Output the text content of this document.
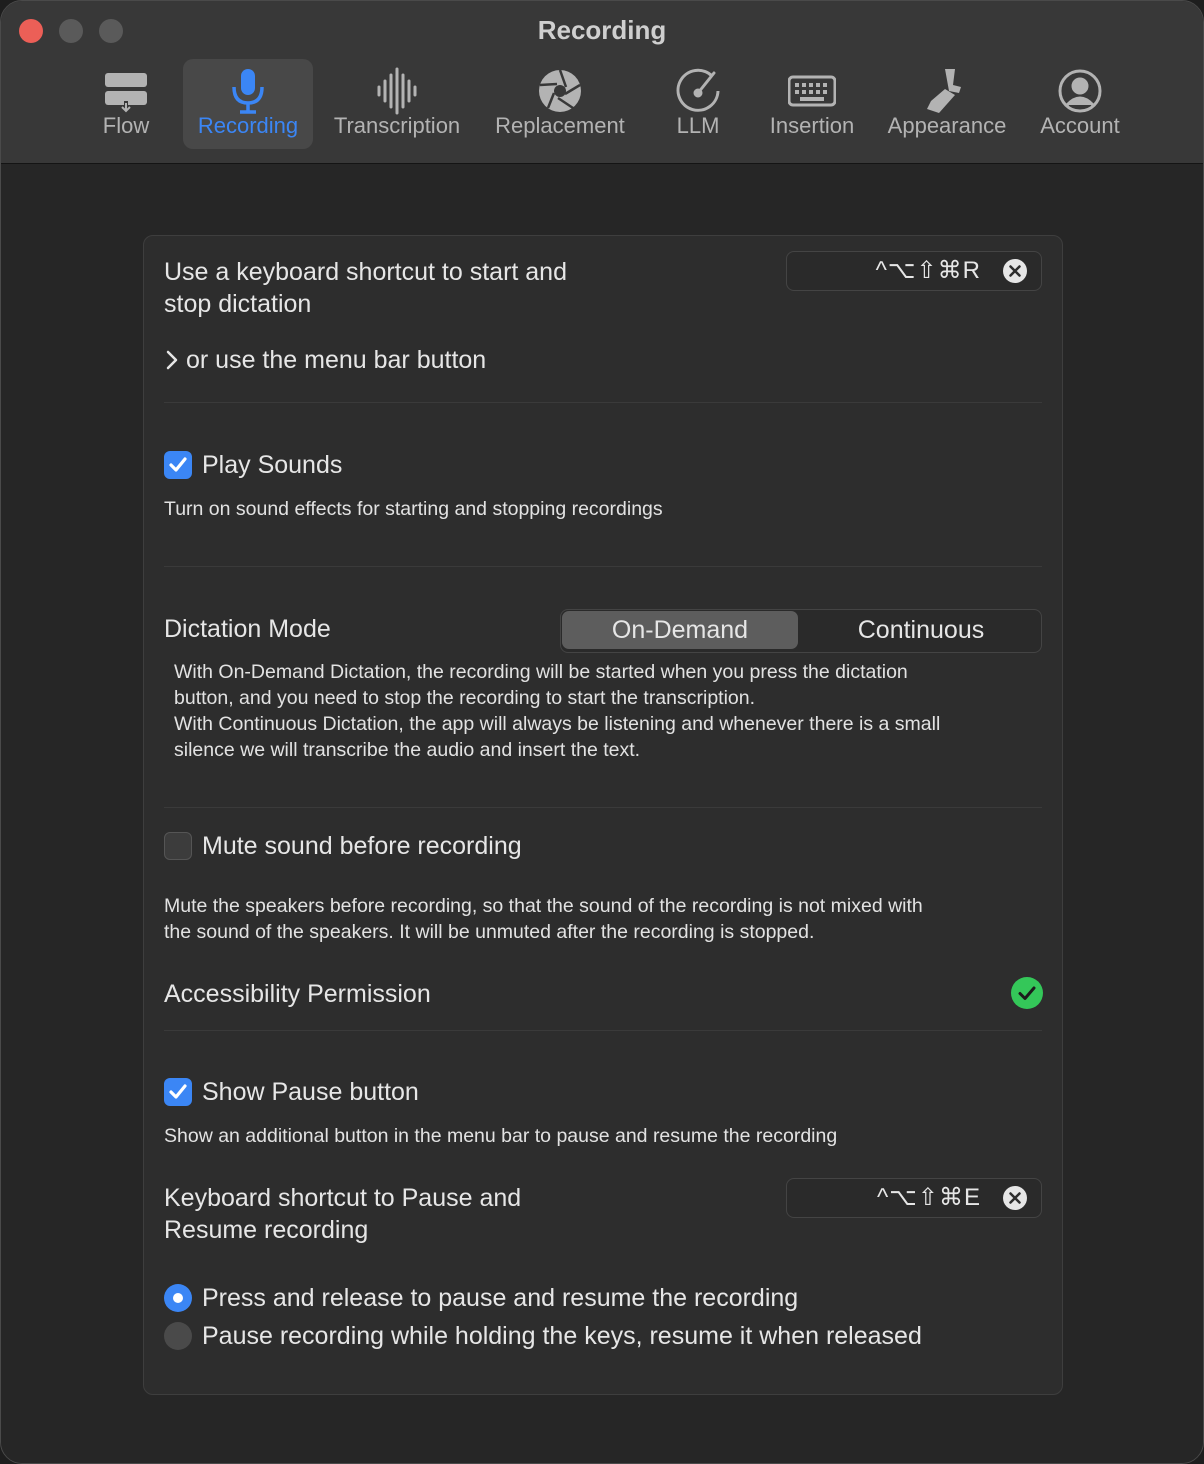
Recording
Flow	Recording	Transcription	Replacement	LLM	Insertion	Appearance	Account
Use a keyboard shortcut to start and
stop dictation
^⌥⇧⌘R
or use the menu bar button
Play Sounds
Turn on sound effects for starting and stopping recordings
Dictation Mode	On-Demand	Continuous
With On-Demand Dictation, the recording will be started when you press the dictation
button, and you need to stop the recording to start the transcription.
With Continuous Dictation, the app will always be listening and whenever there is a small
silence we will transcribe the audio and insert the text.
Mute sound before recording
Mute the speakers before recording, so that the sound of the recording is not mixed with
the sound of the speakers. It will be unmuted after the recording is stopped.
Accessibility Permission
Show Pause button
Show an additional button in the menu bar to pause and resume the recording
Keyboard shortcut to Pause and
Resume recording
^⌥⇧⌘E
Press and release to pause and resume the recording
Pause recording while holding the keys, resume it when released
